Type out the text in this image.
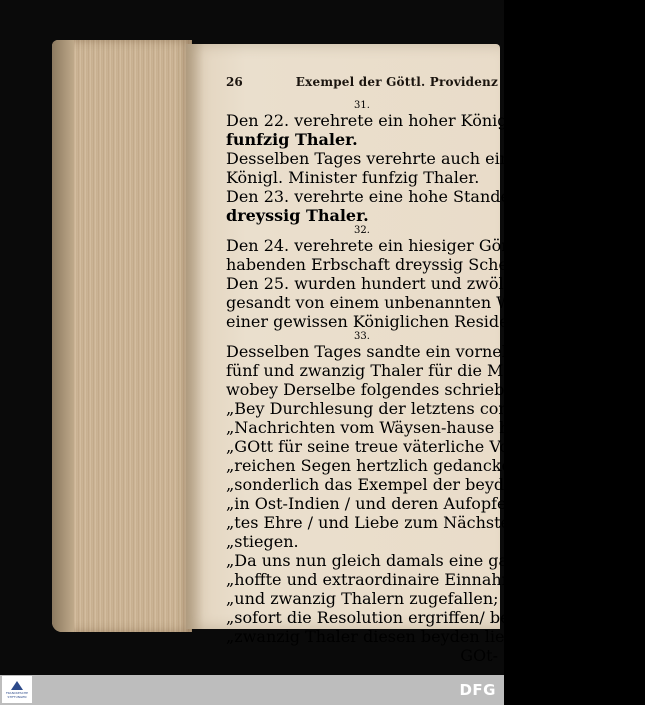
26	Exempel der Göttl. Providenz
31.
Den 22. verehrete ein hoher Königl. Minister
funfzig Thaler.
Desselben Tages verehrte auch ein ander hoher
Königl. Minister funfzig Thaler.
Den 23. verehrte eine hohe Standes-person
dreyssig Thaler.
32.
Den 24. verehrete ein hiesiger Gönner bey einer
habenden Erbschaft dreyssig Scheffel Korn.
Den 25. wurden hundert und zwölf Thaler
gesandt von einem unbenannten Wohlthäter aus
einer gewissen Königlichen Residentz.
33.
Desselben Tages sandte ein vornehmer Gönner
fünf und zwanzig Thaler für die Missionarien;
wobey Derselbe folgendes schrieb:
„Bey Durchlesung der letztens communicirten
„Nachrichten vom Wäysen-hause habe billig
„GOtt für seine treue väterliche Vorsorge und
„reichen Segen hertzlich gedancket: und ist mir
„sonderlich das Exempel der beyden Studiosorum
„in Ost-Indien / und deren Aufopferung zu GOt-
„tes Ehre / und Liebe zum Nächsten zu Hertzen ge-
„stiegen.
„Da uns nun gleich damals eine gantz unver-
„hoffte und extraordinaire Einnahme von fünf
„und zwanzig Thalern zugefallen; so haben wir
„sofort die Resolution ergriffen/ bemeldte fünf und
„zwanzig Thaler diesen beyden lieben Knechten
GOt-
FRANCKESCHE STIFTUNGEN	DFG
